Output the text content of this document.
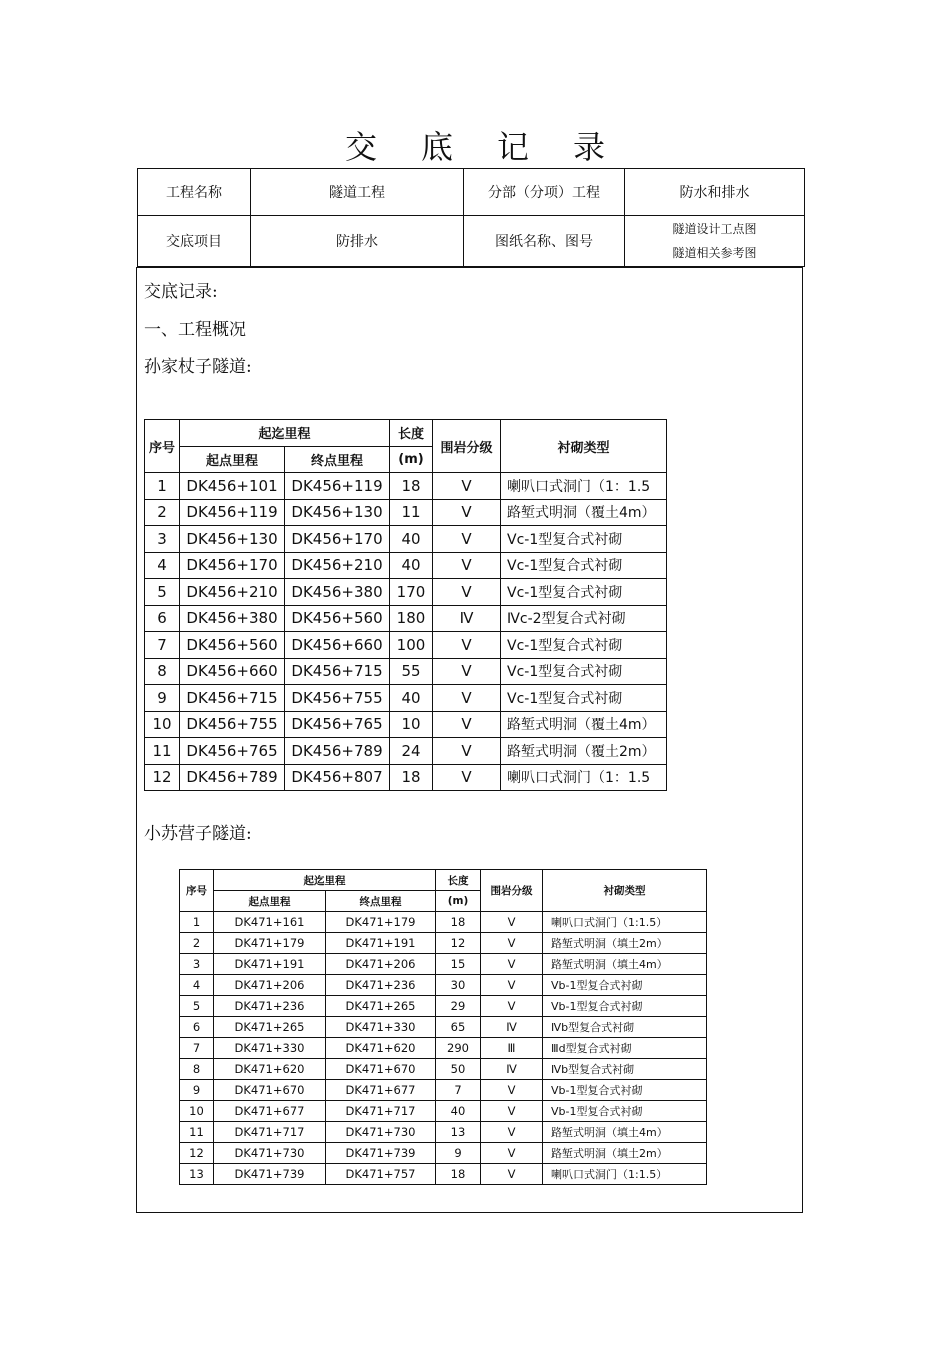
交 底 记 录
工程名称	隧道工程	分部（分项）工程	防水和排水
交底项目	防排水	图纸名称、图号	隧道设计工点图
隧道相关参考图
交底记录:
一、工程概况
孙家杖子隧道:
小苏营子隧道:
序号	起迄里程		长度	围岩分级	衬砌类型
	起点里程	终点里程	(m)		
1	DK456+101	DK456+119	18	Ⅴ	喇叭口式洞门（1：1.5
2	DK456+119	DK456+130	11	Ⅴ	路堑式明洞（覆土4m）
3	DK456+130	DK456+170	40	Ⅴ	Ⅴc-1型复合式衬砌
4	DK456+170	DK456+210	40	Ⅴ	Ⅴc-1型复合式衬砌
5	DK456+210	DK456+380	170	Ⅴ	Ⅴc-1型复合式衬砌
6	DK456+380	DK456+560	180	Ⅳ	Ⅳc-2型复合式衬砌
7	DK456+560	DK456+660	100	Ⅴ	Ⅴc-1型复合式衬砌
8	DK456+660	DK456+715	55	Ⅴ	Ⅴc-1型复合式衬砌
9	DK456+715	DK456+755	40	Ⅴ	Ⅴc-1型复合式衬砌
10	DK456+755	DK456+765	10	Ⅴ	路堑式明洞（覆土4m）
11	DK456+765	DK456+789	24	Ⅴ	路堑式明洞（覆土2m）
12	DK456+789	DK456+807	18	Ⅴ	喇叭口式洞门（1：1.5
序号	起迄里程		长度	围岩分级	衬砌类型
	起点里程	终点里程	(m)		
1	DK471+161	DK471+179	18	Ⅴ	喇叭口式洞门（1:1.5）
2	DK471+179	DK471+191	12	Ⅴ	路堑式明洞（填土2m）
3	DK471+191	DK471+206	15	Ⅴ	路堑式明洞（填土4m）
4	DK471+206	DK471+236	30	Ⅴ	Ⅴb-1型复合式衬砌
5	DK471+236	DK471+265	29	Ⅴ	Ⅴb-1型复合式衬砌
6	DK471+265	DK471+330	65	Ⅳ	Ⅳb型复合式衬砌
7	DK471+330	DK471+620	290	Ⅲ	Ⅲd型复合式衬砌
8	DK471+620	DK471+670	50	Ⅳ	Ⅳb型复合式衬砌
9	DK471+670	DK471+677	7	Ⅴ	Ⅴb-1型复合式衬砌
10	DK471+677	DK471+717	40	Ⅴ	Ⅴb-1型复合式衬砌
11	DK471+717	DK471+730	13	Ⅴ	路堑式明洞（填土4m）
12	DK471+730	DK471+739	9	Ⅴ	路堑式明洞（填土2m）
13	DK471+739	DK471+757	18	Ⅴ	喇叭口式洞门（1:1.5）
